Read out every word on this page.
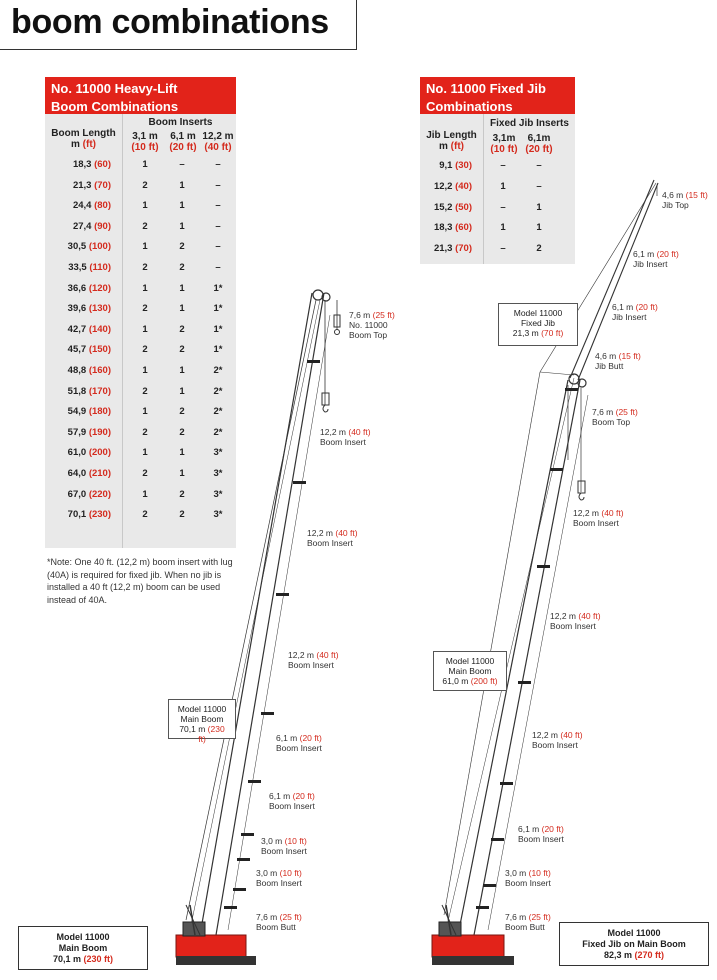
boom combinations
No. 11000 Heavy-Lift
Boom Combinations
Boom Length
m (ft)
Boom Inserts
3,1 m
(10 ft)
6,1 m
(20 ft)
12,2 m
(40 ft)
18,3 (60)	1	–	–
21,3 (70)	2	1	–
24,4 (80)	1	1	–
27,4 (90)	2	1	–
30,5 (100)	1	2	–
33,5 (110)	2	2	–
36,6 (120)	1	1	1*
39,6 (130)	2	1	1*
42,7 (140)	1	2	1*
45,7 (150)	2	2	1*
48,8 (160)	1	1	2*
51,8 (170)	2	1	2*
54,9 (180)	1	2	2*
57,9 (190)	2	2	2*
61,0 (200)	1	1	3*
64,0 (210)	2	1	3*
67,0 (220)	1	2	3*
70,1 (230)	2	2	3*
*Note: One 40 ft. (12,2 m) boom insert with lug (40A) is required for fixed jib. When no jib is installed a 40 ft (12,2 m) boom can be used instead of 40A.
No. 11000 Fixed Jib
Combinations
Jib Length
m (ft)
Fixed Jib Inserts
3,1m
(10 ft)
6,1m
(20 ft)
9,1 (30)	–	–
12,2 (40)	1	–
15,2 (50)	–	1
18,3 (60)	1	1
21,3 (70)	–	2
7,6 m (25 ft)
No. 11000
Boom Top
12,2 m (40 ft)
Boom Insert
12,2 m (40 ft)
Boom Insert
12,2 m (40 ft)
Boom Insert
6,1 m (20 ft)
Boom Insert
6,1 m (20 ft)
Boom Insert
3,0 m (10 ft)
Boom Insert
3,0 m (10 ft)
Boom Insert
7,6 m (25 ft)
Boom Butt
4,6 m (15 ft)
Jib Top
6,1 m (20 ft)
Jib Insert
6,1 m (20 ft)
Jib Insert
4,6 m (15 ft)
Jib Butt
7,6 m (25 ft)
Boom Top
12,2 m (40 ft)
Boom Insert
12,2 m (40 ft)
Boom Insert
12,2 m (40 ft)
Boom Insert
6,1 m (20 ft)
Boom Insert
3,0 m (10 ft)
Boom Insert
7,6 m (25 ft)
Boom Butt
Model 11000
Main Boom
70,1 m (230 ft)
Model 11000
Fixed Jib
21,3 m (70 ft)
Model 11000
Main Boom
61,0 m (200 ft)
Model 11000
Main Boom
70,1 m (230 ft)
Model 11000
Fixed Jib on Main Boom
82,3 m (270 ft)
